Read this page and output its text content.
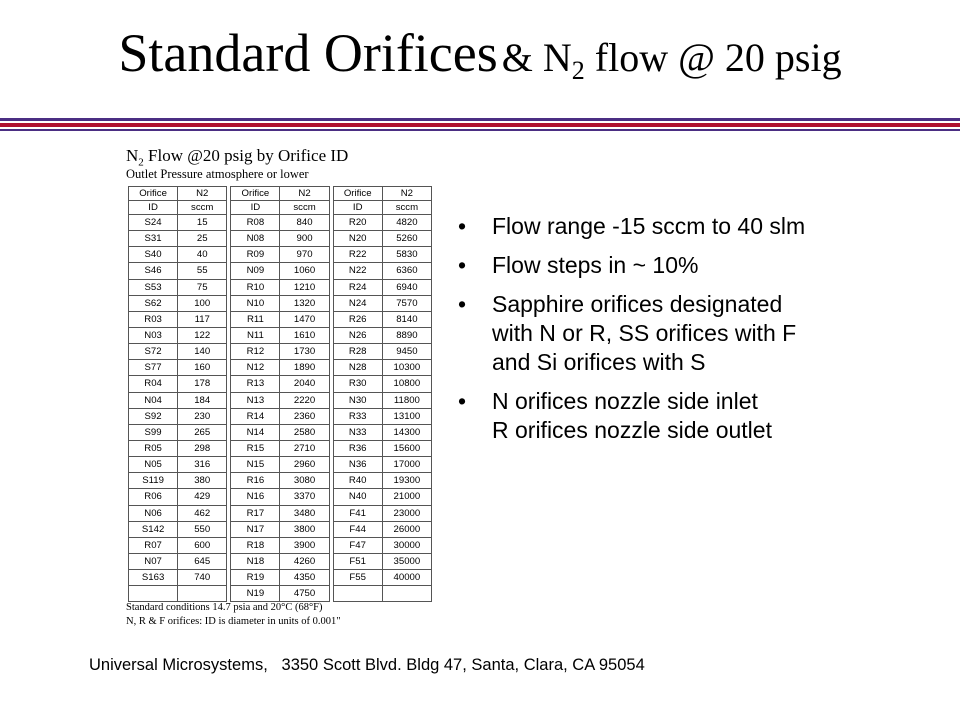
Standard Orifices & $N_2$ flow @ 20 psig
$N_2$ Flow @20 psig by Orifice ID
Outlet Pressure atmosphere or lower
Orifice	N2		Orifice	N2		Orifice	N2
ID	sccm		ID	sccm		ID	sccm
S24	15		R08	840		R20	4820
S31	25		N08	900		N20	5260
S40	40		R09	970		R22	5830
S46	55		N09	1060		N22	6360
S53	75		R10	1210		R24	6940
S62	100		N10	1320		N24	7570
R03	117		R11	1470		R26	8140
N03	122		N11	1610		N26	8890
S72	140		R12	1730		R28	9450
S77	160		N12	1890		N28	10300
R04	178		R13	2040		R30	10800
N04	184		N13	2220		N30	11800
S92	230		R14	2360		R33	13100
S99	265		N14	2580		N33	14300
R05	298		R15	2710		R36	15600
N05	316		N15	2960		N36	17000
S119	380		R16	3080		R40	19300
R06	429		N16	3370		N40	21000
N06	462		R17	3480		F41	23000
S142	550		N17	3800		F44	26000
R07	600		R18	3900		F47	30000
N07	645		N18	4260		F51	35000
S163	740		R19	4350		F55	40000
			N19	4750			
Standard conditions 14.7 psia and 20°C (68°F)
N, R & F orifices: ID is diameter in units of 0.001"
• Flow range -15 sccm to 40 slm
• Flow steps in ~ 10%
• Sapphire orifices designated
with N or R, SS orifices with F
and Si orifices with S
• N orifices nozzle side inlet
R orifices nozzle side outlet
Universal Microsystems,   3350 Scott Blvd. Bldg 47, Santa, Clara, CA 95054
